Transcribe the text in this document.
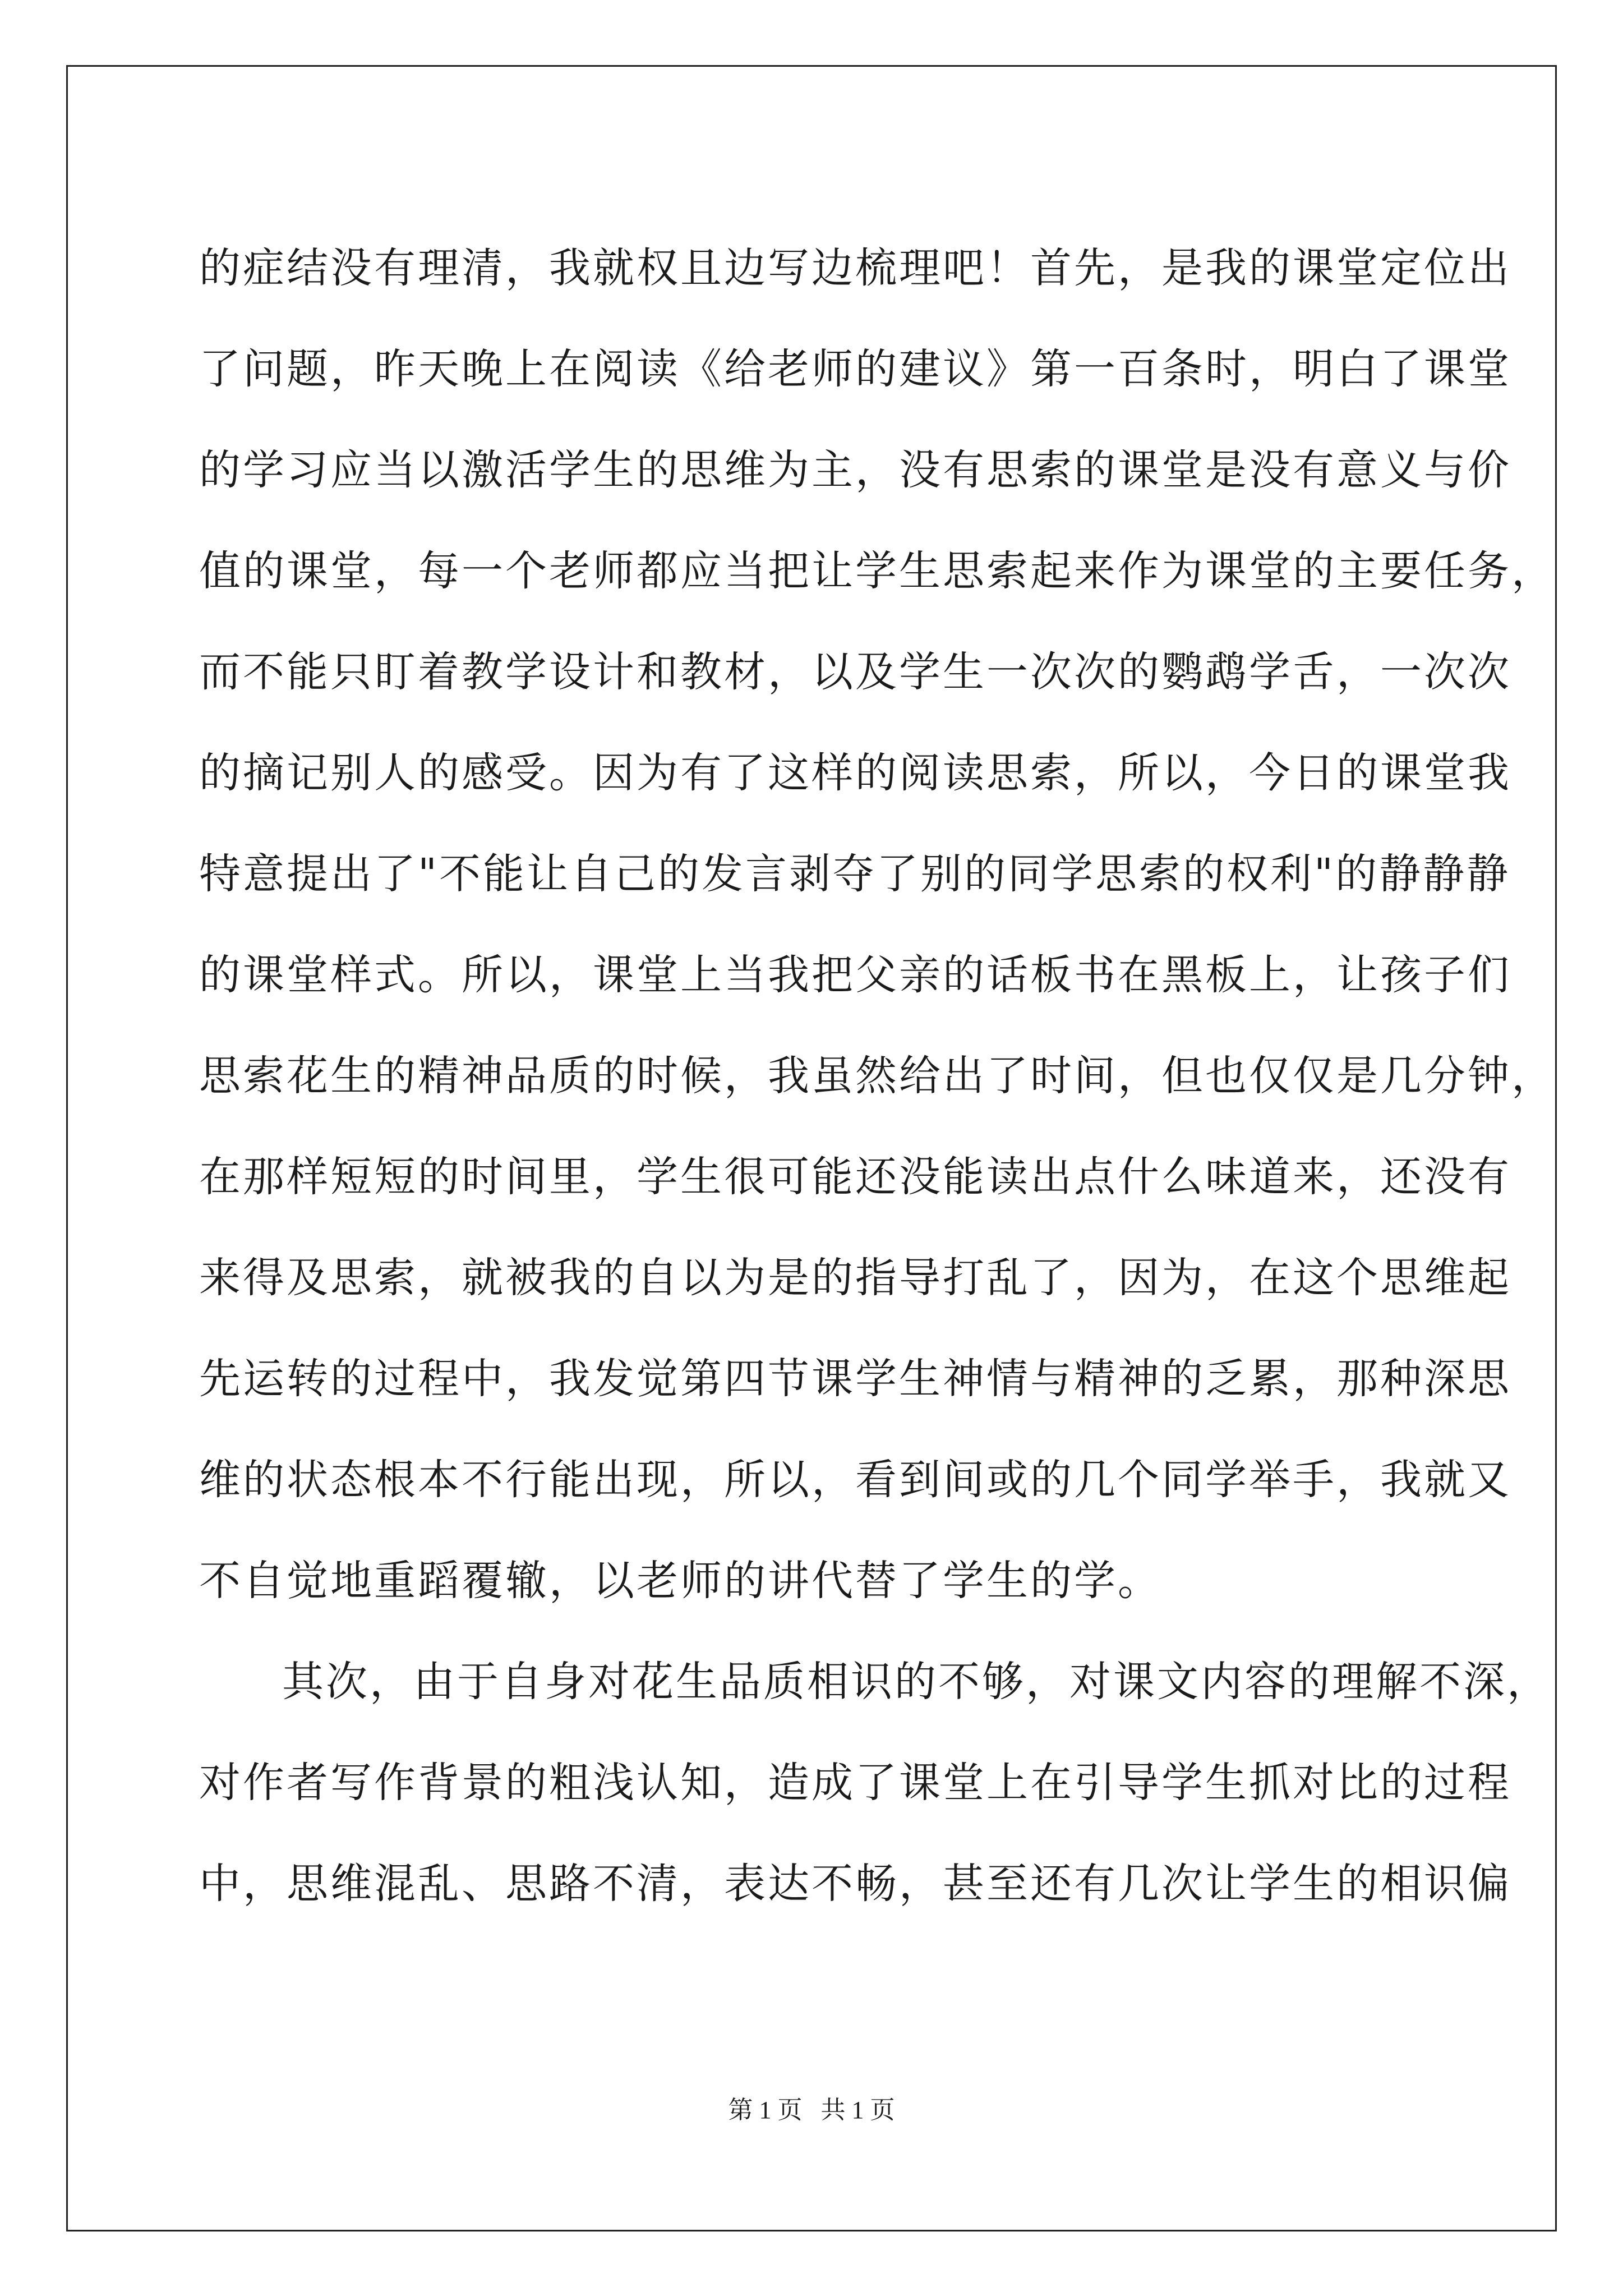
的症结没有理清，我就权且边写边梳理吧！首先，是我的课堂定位出
了问题，昨天晚上在阅读《给老师的建议》第一百条时，明白了课堂
的学习应当以激活学生的思维为主，没有思索的课堂是没有意义与价
值的课堂，每一个老师都应当把让学生思索起来作为课堂的主要任务，
而不能只盯着教学设计和教材，以及学生一次次的鹦鹉学舌，一次次
的摘记别人的感受。因为有了这样的阅读思索，所以，今日的课堂我
特意提出了"不能让自己的发言剥夺了别的同学思索的权利"的静静静
的课堂样式。所以，课堂上当我把父亲的话板书在黑板上，让孩子们
思索花生的精神品质的时候，我虽然给出了时间，但也仅仅是几分钟，
在那样短短的时间里，学生很可能还没能读出点什么味道来，还没有
来得及思索，就被我的自以为是的指导打乱了，因为，在这个思维起
先运转的过程中，我发觉第四节课学生神情与精神的乏累，那种深思
维的状态根本不行能出现，所以，看到间或的几个同学举手，我就又
不自觉地重蹈覆辙，以老师的讲代替了学生的学。
其次，由于自身对花生品质相识的不够，对课文内容的理解不深，
对作者写作背景的粗浅认知，造成了课堂上在引导学生抓对比的过程
中，思维混乱、思路不清，表达不畅，甚至还有几次让学生的相识偏
第 1 页   共 1 页
